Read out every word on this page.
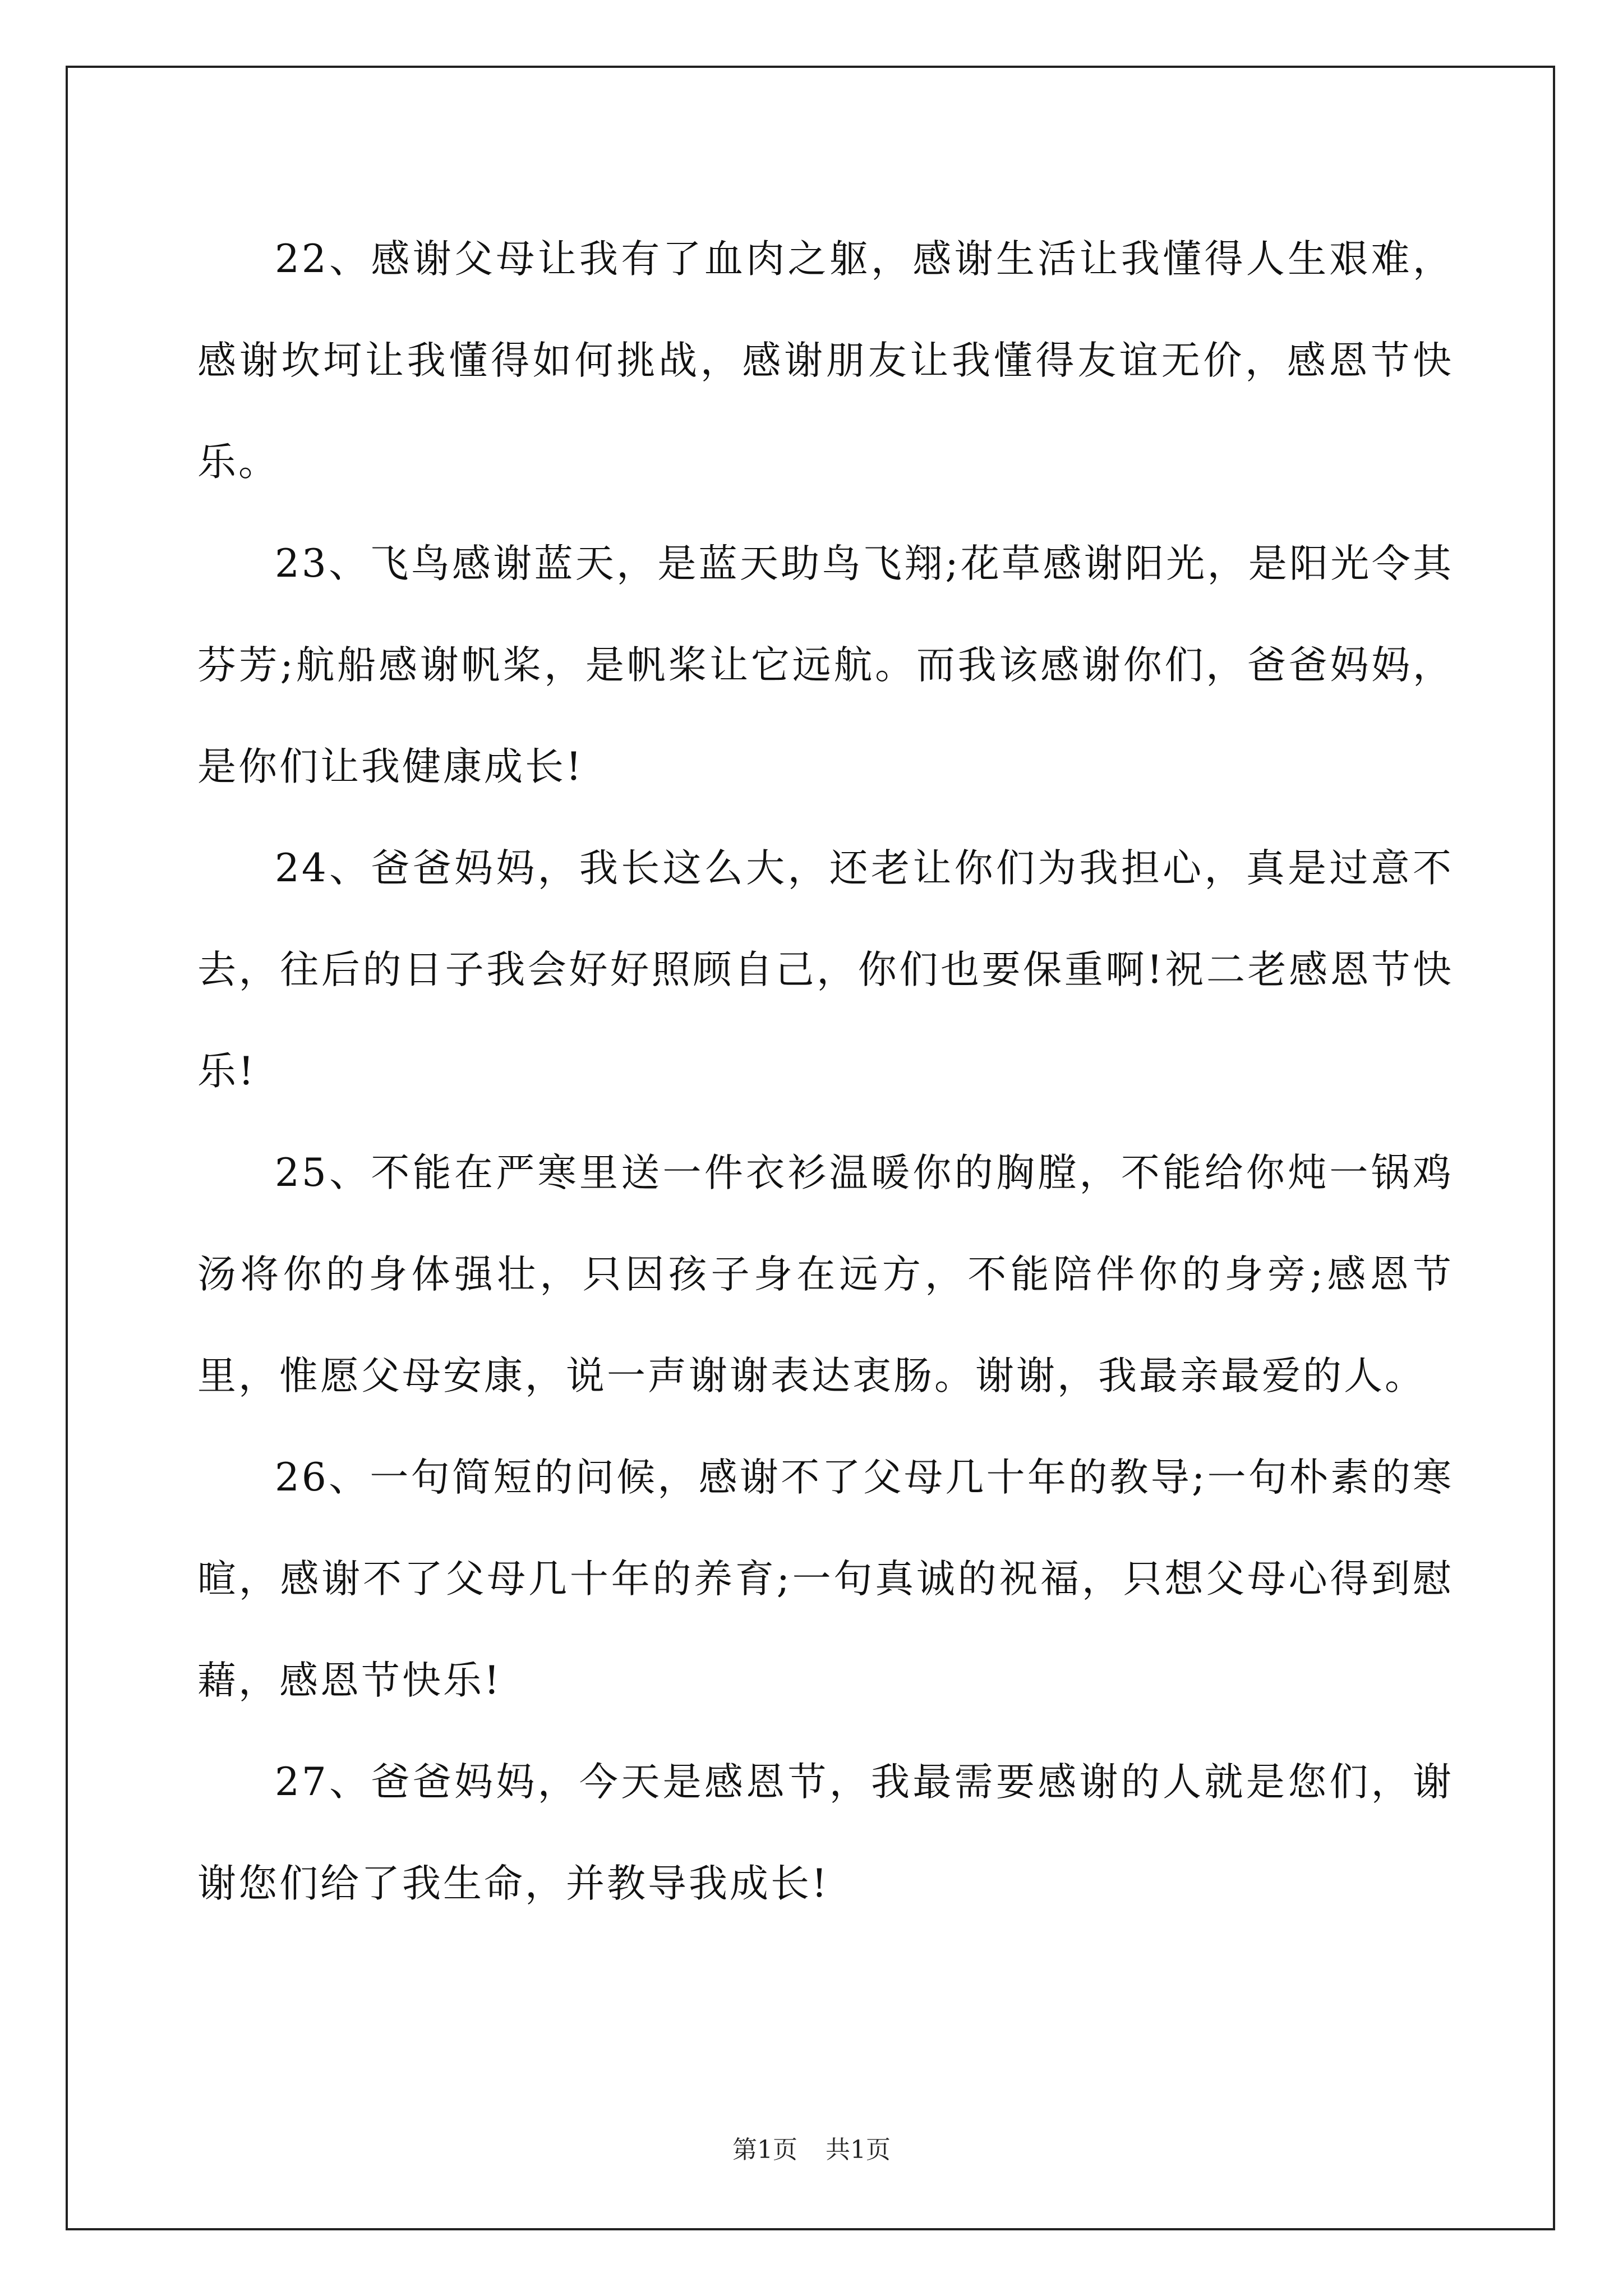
22、感谢父母让我有了血肉之躯，感谢生活让我懂得人生艰难，感谢坎坷让我懂得如何挑战，感谢朋友让我懂得友谊无价，感恩节快乐。

23、飞鸟感谢蓝天，是蓝天助鸟飞翔;花草感谢阳光，是阳光令其芬芳;航船感谢帆桨，是帆桨让它远航。而我该感谢你们，爸爸妈妈，是你们让我健康成长!

24、爸爸妈妈，我长这么大，还老让你们为我担心，真是过意不去，往后的日子我会好好照顾自己，你们也要保重啊!祝二老感恩节快乐!

25、不能在严寒里送一件衣衫温暖你的胸膛，不能给你炖一锅鸡汤将你的身体强壮，只因孩子身在远方，不能陪伴你的身旁;感恩节里，惟愿父母安康，说一声谢谢表达衷肠。谢谢，我最亲最爱的人。

26、一句简短的问候，感谢不了父母几十年的教导;一句朴素的寒暄，感谢不了父母几十年的养育;一句真诚的祝福，只想父母心得到慰藉，感恩节快乐!

27、爸爸妈妈，今天是感恩节，我最需要感谢的人就是您们，谢谢您们给了我生命，并教导我成长!

第1页 共1页
